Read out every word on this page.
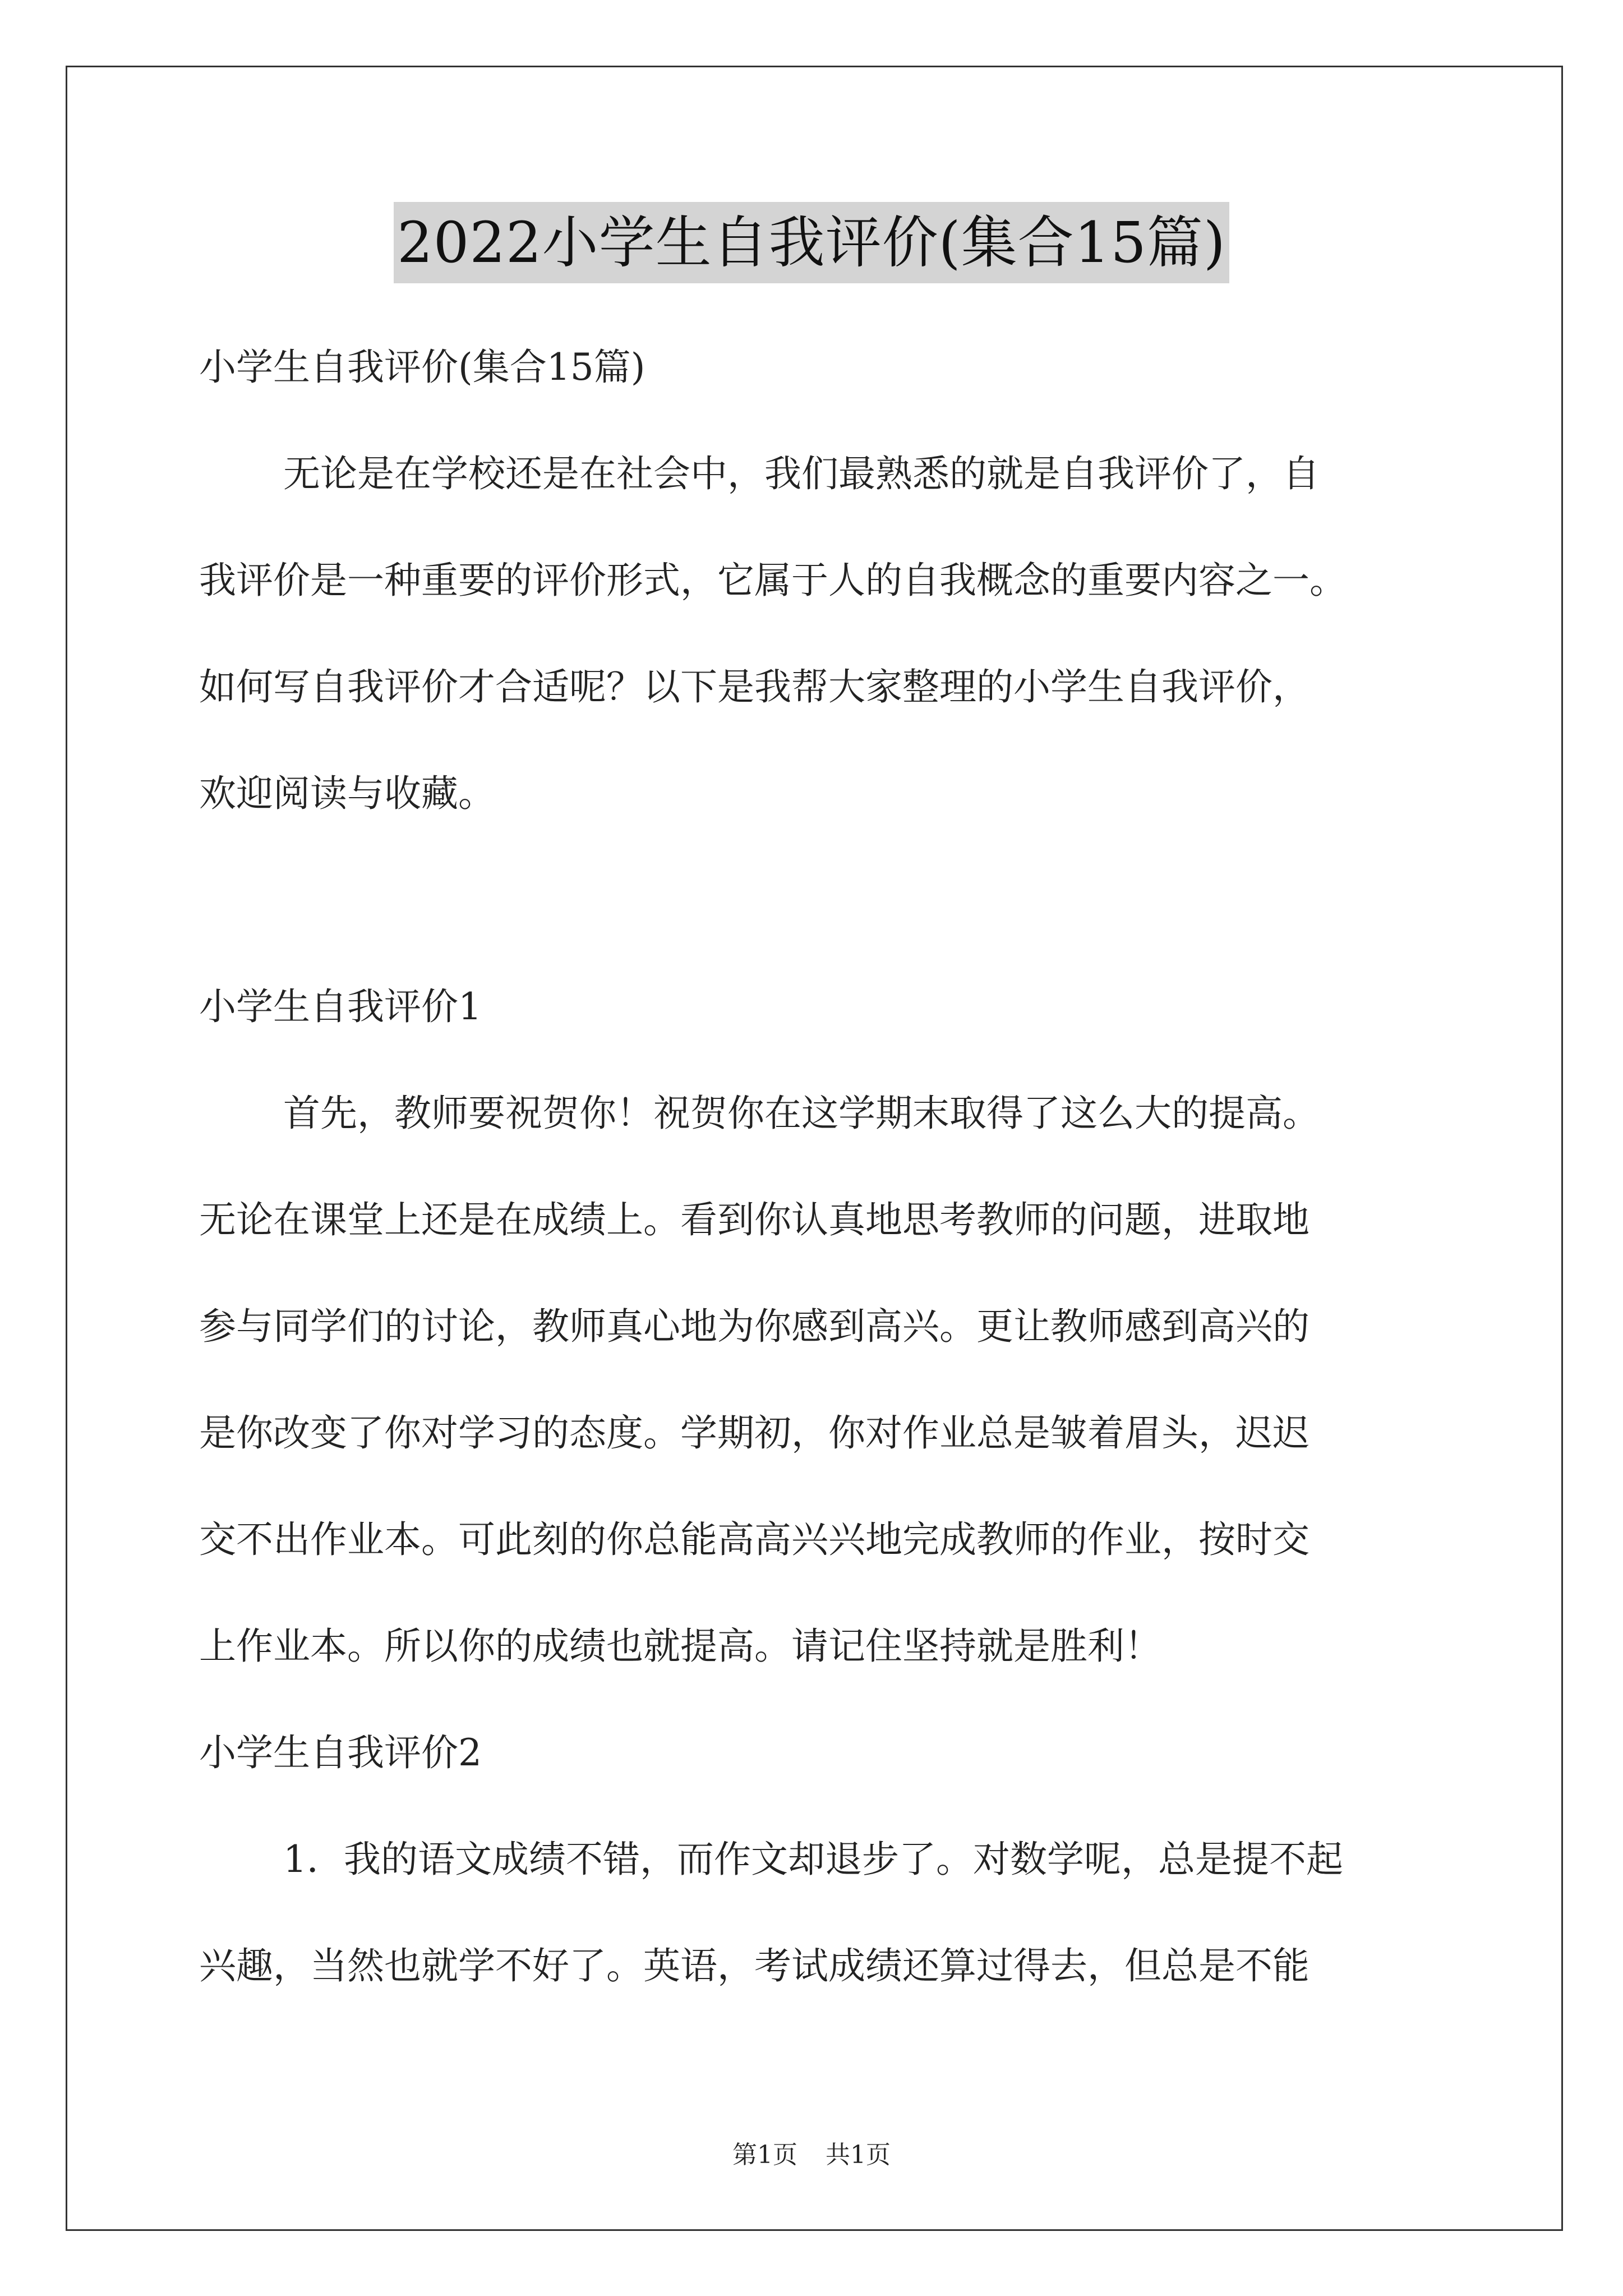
2022小学生自我评价(集合15篇)
小学生自我评价(集合15篇)
无论是在学校还是在社会中，我们最熟悉的就是自我评价了，自
我评价是一种重要的评价形式，它属于人的自我概念的重要内容之一。
如何写自我评价才合适呢？以下是我帮大家整理的小学生自我评价，
欢迎阅读与收藏。
小学生自我评价1
首先，教师要祝贺你！祝贺你在这学期末取得了这么大的提高。
无论在课堂上还是在成绩上。看到你认真地思考教师的问题，进取地
参与同学们的讨论，教师真心地为你感到高兴。更让教师感到高兴的
是你改变了你对学习的态度。学期初，你对作业总是皱着眉头，迟迟
交不出作业本。可此刻的你总能高高兴兴地完成教师的作业，按时交
上作业本。所以你的成绩也就提高。请记住坚持就是胜利！
小学生自我评价2
1．我的语文成绩不错，而作文却退步了。对数学呢，总是提不起
兴趣，当然也就学不好了。英语，考试成绩还算过得去，但总是不能
第1页 共1页
